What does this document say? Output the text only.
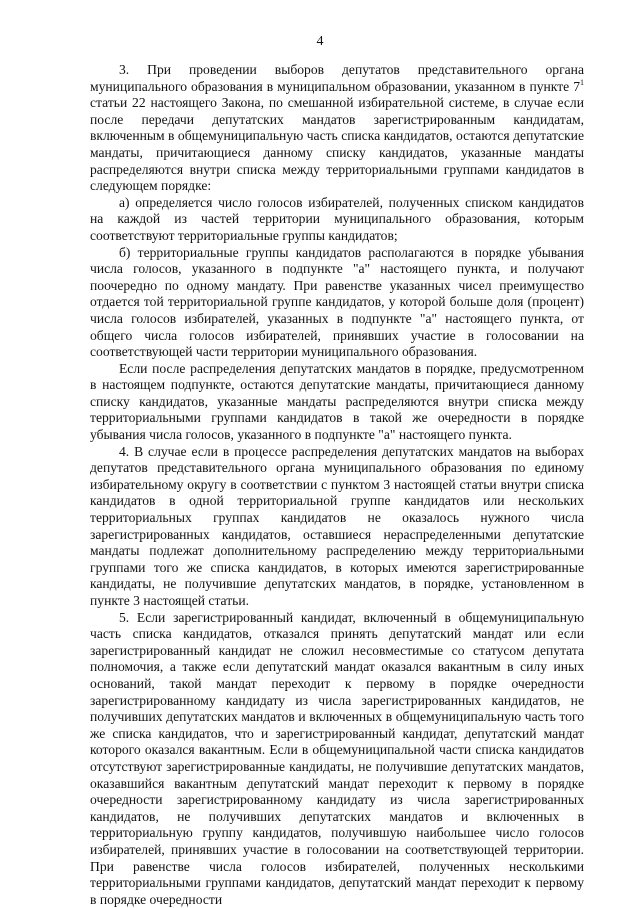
4

3. При проведении выборов депутатов представительного органа муниципального образования в муниципальном образовании, указанном в пункте $7^1$ статьи 22 настоящего Закона, по смешанной избирательной системе, в случае если после передачи депутатских мандатов зарегистрированным кандидатам, включенным в общемуниципальную часть списка кандидатов, остаются депутатские мандаты, причитающиеся данному списку кандидатов, указанные мандаты распределяются внутри списка между территориальными группами кандидатов в следующем порядке:

а) определяется число голосов избирателей, полученных списком кандидатов на каждой из частей территории муниципального образования, которым соответствуют территориальные группы кандидатов;

б) территориальные группы кандидатов располагаются в порядке убывания числа голосов, указанного в подпункте "а" настоящего пункта, и получают поочередно по одному мандату. При равенстве указанных чисел преимущество отдается той территориальной группе кандидатов, у которой больше доля (процент) числа голосов избирателей, указанных в подпункте "а" настоящего пункта, от общего числа голосов избирателей, принявших участие в голосовании на соответствующей части территории муниципального образования.

Если после распределения депутатских мандатов в порядке, предусмотренном в настоящем подпункте, остаются депутатские мандаты, причитающиеся данному списку кандидатов, указанные мандаты распределяются внутри списка между территориальными группами кандидатов в такой же очередности в порядке убывания числа голосов, указанного в подпункте "а" настоящего пункта.

4. В случае если в процессе распределения депутатских мандатов на выборах депутатов представительного органа муниципального образования по единому избирательному округу в соответствии с пунктом 3 настоящей статьи внутри списка кандидатов в одной территориальной группе кандидатов или нескольких территориальных группах кандидатов не оказалось нужного числа зарегистрированных кандидатов, оставшиеся нераспределенными депутатские мандаты подлежат дополнительному распределению между территориальными группами того же списка кандидатов, в которых имеются зарегистрированные кандидаты, не получившие депутатских мандатов, в порядке, установленном в пункте 3 настоящей статьи.

5. Если зарегистрированный кандидат, включенный в общемуниципальную часть списка кандидатов, отказался принять депутатский мандат или если зарегистрированный кандидат не сложил несовместимые со статусом депутата полномочия, а также если депутатский мандат оказался вакантным в силу иных оснований, такой мандат переходит к первому в порядке очередности зарегистрированному кандидату из числа зарегистрированных кандидатов, не получивших депутатских мандатов и включенных в общемуниципальную часть того же списка кандидатов, что и зарегистрированный кандидат, депутатский мандат которого оказался вакантным. Если в общемуниципальной части списка кандидатов отсутствуют зарегистрированные кандидаты, не получившие депутатских мандатов, оказавшийся вакантным депутатский мандат переходит к первому в порядке очередности зарегистрированному кандидату из числа зарегистрированных кандидатов, не получивших депутатских мандатов и включенных в территориальную группу кандидатов, получившую наибольшее число голосов избирателей, принявших участие в голосовании на соответствующей территории. При равенстве числа голосов избирателей, полученных несколькими территориальными группами кандидатов, депутатский мандат переходит к первому в порядке очередности
